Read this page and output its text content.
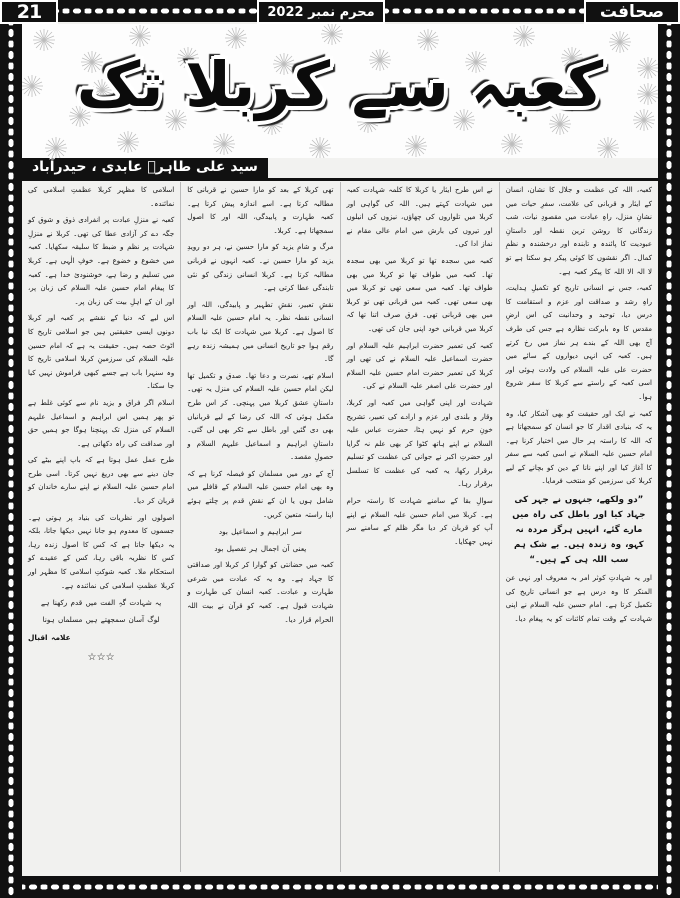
21	محرم نمبر 2022	صحافت
کعبہ سے کربلا تک
سید علی طاہرؔ عابدی ، حیدرآباد

کعبہ، اللہ کی عظمت و جلال کا نشان، انسان کے ایثار و قربانی کی علامت، سفرِ حیات میں نشانِ منزل، راہِ عبادت میں مقصودِ نیات، شب زندگانی کا روشن ترین نقطہ اور داستانِ عبودیت کا پائندہ و تابندہ اور درخشندہ و نظمِ کمال۔ اگر نقشوں کا کوئی پیکر ہو سکتا ہے تو لا الہ الا اللہ کا پیکر کعبہ ہے۔

کعبہ، جس نے انسانی تاریخ کو تکمیلِ ہدایت، راہِ رشد و صداقت اور عزم و استقامت کا درس دیا، توحید و وحدانیت کی اس ارضِ مقدس کا وہ بابرکت نظارہ ہے جس کی طرف آج بھی اللہ کے بندے ہر نماز میں رخ کرتے ہیں۔ کعبہ کی انہی دیواروں کے سائے میں حضرت علی علیہ السلام کی ولادت ہوئی اور اسی کعبہ کے راستے سے کربلا کا سفر شروع ہوا۔

کعبہ نے ایک اور حقیقت کو بھی آشکار کیا، وہ یہ کہ بنیادی اقدار کا جو انسان کو سمجھاتا ہے کہ اللہ کا راستہ ہر حال میں اختیار کرنا ہے۔ امام حسین علیہ السلام نے اسی کعبہ سے سفر کا آغاز کیا اور اپنے نانا کے دین کو بچانے کے لیے کربلا کی سرزمین کو منتخب فرمایا۔

”دو ولکھے، جنہوں نے جہر کی جہاد کیا اور باطل کی راہ میں مارے گئے، انہیں ہرگز مردہ نہ کہو، وہ زندہ ہیں۔ بے شک ہم سب اللہ ہی کے ہیں۔“

اور یہ شہادتِ کوثر امر بہ معروف اور نہی عن المنکر کا وہ درس ہے جو انسانی تاریخ کی تکمیل کرتا ہے۔ امام حسین علیہ السلام نے اپنی شہادت کے وقت تمام کائنات کو یہ پیغام دیا۔

نے اس طرح ایثار یا کربلا کا کلمہ شہادت کعبہ میں شہادت کہتے ہیں۔ اللہ کی گواہی اور کربلا میں تلواروں کی چھاؤں، نیزوں کی انیلوں اور تیروں کی بارش میں امام عالی مقام نے نماز ادا کی۔

کعبہ میں سجدہ تھا تو کربلا میں بھی سجدہ تھا۔ کعبہ میں طواف تھا تو کربلا میں بھی طواف تھا۔ کعبہ میں سعی تھی تو کربلا میں بھی سعی تھی۔ کعبہ میں قربانی تھی تو کربلا میں بھی قربانی تھی۔ فرق صرف اتنا تھا کہ کربلا میں قربانی خود اپنی جان کی تھی۔

کعبہ کی تعمیر حضرت ابراہیم علیہ السلام اور حضرت اسماعیل علیہ السلام نے کی تھی اور کربلا کی تعمیر حضرت امام حسین علیہ السلام اور حضرت علی اصغر علیہ السلام نے کی۔

شہادت اور اپنی گواہی میں کعبہ اور کربلا، وقار و بلندی اور عزم و ارادے کی تعبیر، تشریح خونِ حرم کو نہیں ہٹا، حضرت عباس علیہ السلام نے اپنے ہاتھ کٹوا کر بھی علم نہ گرایا اور حضرتِ اکبر نے جوانی کی عظمت کو تسلیم برقرار رکھا، یہ کعبہ کی عظمت کا تسلسل برقرار رہا۔

سوالِ بقا کے سامنے شہادت کا راستہ حرام ہے۔ کربلا میں امام حسین علیہ السلام نے اپنے آپ کو قربان کر دیا مگر ظلم کے سامنے سر نہیں جھکایا۔

تھی کربلا کے بعد کو مارا حسین نے قربانی کا مطالبہ کرتا ہے۔ اسے اندازہ پیش کرتا ہے۔ کعبہ طہارت و پابیدگی، اللہ اور کا اصول سمجھاتا ہے۔ کربلا۔

مرگ و شامِ یزید کو مارا حسین نے، ہر دو رویدِ یزید کو مارا حسین نے۔ کعبہ انہوں نے قربانی مطالبہ کرتا ہے۔ کربلا انسانی زندگی کو نئی تابندگی عطا کرتی ہے۔

نقشِ تعبیر، نقشِ تطہیر و پابیدگی، اللہ اور انسانی نقطہ نظر۔ یہ امام حسین علیہ السلام کا اصول ہے۔ کربلا میں شہادت کا ایک نیا باب رقم ہوا جو تاریخ انسانی میں ہمیشہ زندہ رہے گا۔

اسلام تھے، نصرت و دعا تھا۔ صدق و تکمیل تھا لیکن امام حسین علیہ السلام کی منزل یہ تھی۔ داستانِ عشق کربلا میں پہنچی۔ کر اس طرح مکمل ہوئی کہ اللہ کی رضا کے لیے قربانیاں بھی دی گئیں اور باطل سے ٹکر بھی لی گئی۔ داستانِ ابراہیم و اسماعیل علیہم السلام و حصولِ مقصد۔

آج کے دور میں مسلمان کو فیصلہ کرنا ہے کہ وہ بھی امام حسین علیہ السلام کے قافلے میں شامل ہوں یا ان کے نقشِ قدم پر چلتے ہوئے اپنا راستہ متعین کریں۔

سر ابراہیم و اسماعیل بود

یعنی آن اجمال ہر تفصیل بود

کعبہ میں حضانتی کو گوارا کر کربلا اور صداقتی کا جہاد ہے۔ وہ یہ کہ عبادت میں شرعی طہارت و عبادت۔ کعبہ انسان کی طہارت و شہادت قبول ہے۔ کعبہ کو قرآن نے بیت اللہ الحرام قرار دیا۔

اسلامی کا مظہر کربلا عظمتِ اسلامی کی نمائندہ۔

کعبہ نے منزلِ عبادت پر انفرادی ذوق و شوق کو جگہ دے کر آزادی عطا کی تھی۔ کربلا نے منزلِ شہادت پر نظم و ضبط کا سلیقہ سکھایا۔ کعبہ میں خشوع و خضوع ہے۔ خوفِ الٰہی ہے۔ کربلا میں تسلیم و رضا ہے، خوشنودیٔ خدا ہے۔ کعبہ کا پیغام امام حسین علیہ السلام کی زبان پر، اور ان کے اہلِ بیت کی زبان پر۔

اس لیے کہ دنیا کے نقشے پر کعبہ اور کربلا دونوں ایسی حقیقتیں ہیں جو اسلامی تاریخ کا اٹوٹ حصہ ہیں۔ حقیقت یہ ہے کہ امام حسین علیہ السلام کی سرزمینِ کربلا اسلامی تاریخ کا وہ سنہرا باب ہے جسے کبھی فراموش نہیں کیا جا سکتا۔

اسلام اگر فراق و یزید نام سے کوئی غلط ہے تو پھر ہمیں اس ابراہیم و اسماعیل علیہم السلام کی منزل تک پہنچنا ہوگا جو ہمیں حق اور صداقت کی راہ دکھاتی ہے۔

طرح عمل عمل ہوتا ہے کہ باپ اپنے بیٹے کی جان دینے سے بھی دریغ نہیں کرتا۔ اسی طرح امام حسین علیہ السلام نے اپنے سارے خاندان کو قربان کر دیا۔

اصولوں اور نظریات کی بنیاد پر ہوتی ہے۔ جسموں کا معدوم ہو جانا نہیں دیکھا جاتا، بلکہ یہ دیکھا جاتا ہے کہ کس کا اصول زندہ رہا، کس کا نظریہ باقی رہا، کس کے عقیدے کو استحکام ملا۔ کعبہ شوکتِ اسلامی کا مظہر اور کربلا عظمتِ اسلامی کی نمائندہ ہے۔

یہ شہادت گہِ الفت میں قدم رکھنا ہے

لوگ آسان سمجھتے ہیں مسلماں ہونا

علامہ اقبال

☆☆☆
